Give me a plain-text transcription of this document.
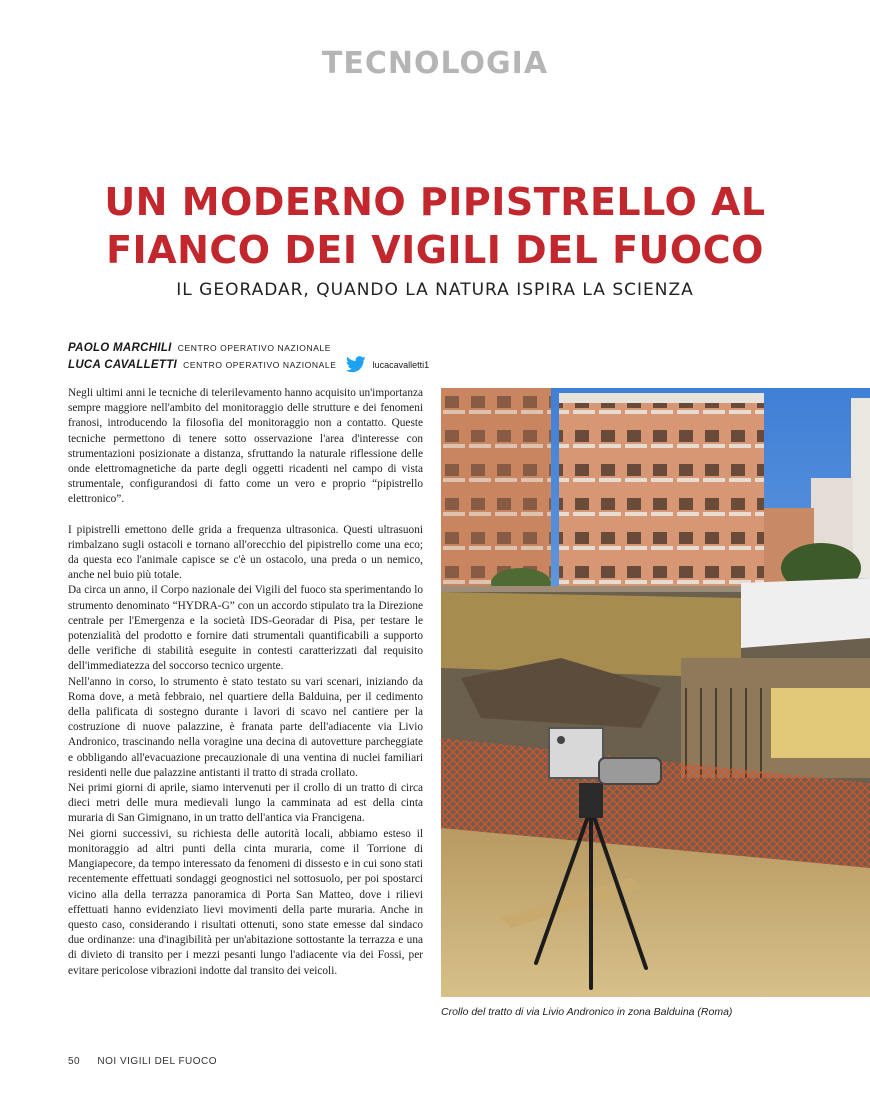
TECNOLOGIA
UN MODERNO PIPISTRELLO AL
FIANCO DEI VIGILI DEL FUOCO
IL GEORADAR, QUANDO LA NATURA ISPIRA LA SCIENZA
PAOLO MARCHILI CENTRO OPERATIVO NAZIONALE
LUCA CAVALLETTI CENTRO OPERATIVO NAZIONALE	lucacavalletti1

Negli ultimi anni le tecniche di telerilevamento hanno acquisito un'importanza sempre maggiore nell'ambito del monitoraggio delle strutture e dei fenomeni franosi, introducendo la filosofia del monitoraggio non a contatto. Queste tecniche permettono di tenere sotto osservazione l'area d'interesse con strumentazioni posizionate a distanza, sfruttando la naturale riflessione delle onde elettromagnetiche da parte degli oggetti ricadenti nel campo di vista strumentale, configurandosi di fatto come un vero e proprio “pipistrello elettronico”.

I pipistrelli emettono delle grida a frequenza ultrasonica. Questi ultrasuoni rimbalzano sugli ostacoli e tornano all'orecchio del pipistrello come una eco; da questa eco l'animale capisce se c'è un ostacolo, una preda o un nemico, anche nel buio più totale.

Da circa un anno, il Corpo nazionale dei Vigili del fuoco sta sperimentando lo strumento denominato “HYDRA-G” con un accordo stipulato tra la Direzione centrale per l'Emergenza e la società IDS-Georadar di Pisa, per testare le potenzialità del prodotto e fornire dati strumentali quantificabili a supporto delle verifiche di stabilità eseguite in contesti caratterizzati dal requisito dell'immediatezza del soccorso tecnico urgente.

Nell'anno in corso, lo strumento è stato testato su vari scenari, iniziando da Roma dove, a metà febbraio, nel quartiere della Balduina, per il cedimento della palificata di sostegno durante i lavori di scavo nel cantiere per la costruzione di nuove palazzine, è franata parte dell'adiacente via Livio Andronico, trascinando nella voragine una decina di autovetture parcheggiate e obbligando all'evacuazione precauzionale di una ventina di nuclei familiari residenti nelle due palazzine antistanti il tratto di strada crollato.

Nei primi giorni di aprile, siamo intervenuti per il crollo di un tratto di circa dieci metri delle mura medievali lungo la camminata ad est della cinta muraria di San Gimignano, in un tratto dell'antica via Francigena.

Nei giorni successivi, su richiesta delle autorità locali, abbiamo esteso il monitoraggio ad altri punti della cinta muraria, come il Torrione di Mangiapecore, da tempo interessato da fenomeni di dissesto e in cui sono stati recentemente effettuati sondaggi geognostici nel sottosuolo, per poi spostarci vicino alla della terrazza panoramica di Porta San Matteo, dove i rilievi effettuati hanno evidenziato lievi movimenti della parte muraria. Anche in questo caso, considerando i risultati ottenuti, sono state emesse dal sindaco due ordinanze: una d'inagibilità per un'abitazione sottostante la terrazza e una di divieto di transito per i mezzi pesanti lungo l'adiacente via dei Fossi, per evitare pericolose vibrazioni indotte dal transito dei veicoli.

Crollo del tratto di via Livio Andronico in zona Balduina (Roma)
50 NOI VIGILI DEL FUOCO
